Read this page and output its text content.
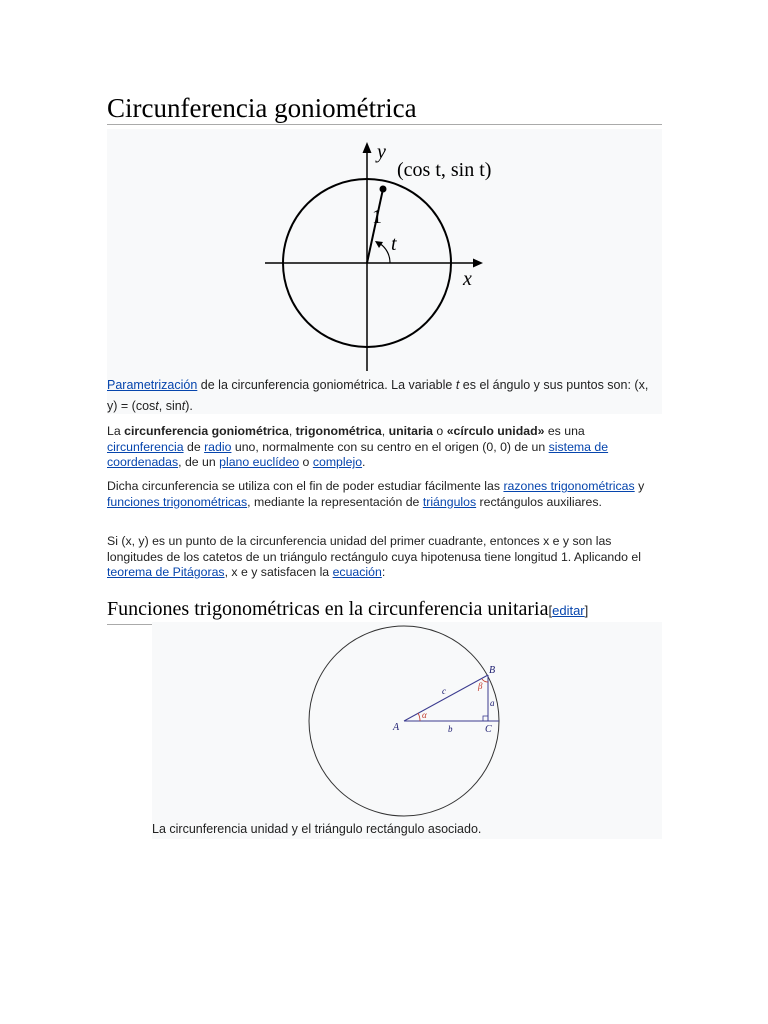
Circunferencia goniométrica
y
x
(cos t, sin t)
1
t
Parametrización de la circunferencia goniométrica. La variable t es el ángulo y sus puntos son: (x, y) = (cost, sint).

La circunferencia goniométrica, trigonométrica, unitaria o «círculo unidad» es una circunferencia de radio uno, normalmente con su centro en el origen (0, 0) de un sistema de coordenadas, de un plano euclídeo o complejo.

Dicha circunferencia se utiliza con el fin de poder estudiar fácilmente las razones trigonométricas y funciones trigonométricas, mediante la representación de triángulos rectángulos auxiliares.

Si (x, y) es un punto de la circunferencia unidad del primer cuadrante, entonces x e y son las longitudes de los catetos de un triángulo rectángulo cuya hipotenusa tiene longitud 1. Aplicando el teorema de Pitágoras, x e y satisfacen la ecuación:

Funciones trigonométricas en la circunferencia unitaria[editar]
A
B
C
a
b
c
α
β
La circunferencia unidad y el triángulo rectángulo asociado.
